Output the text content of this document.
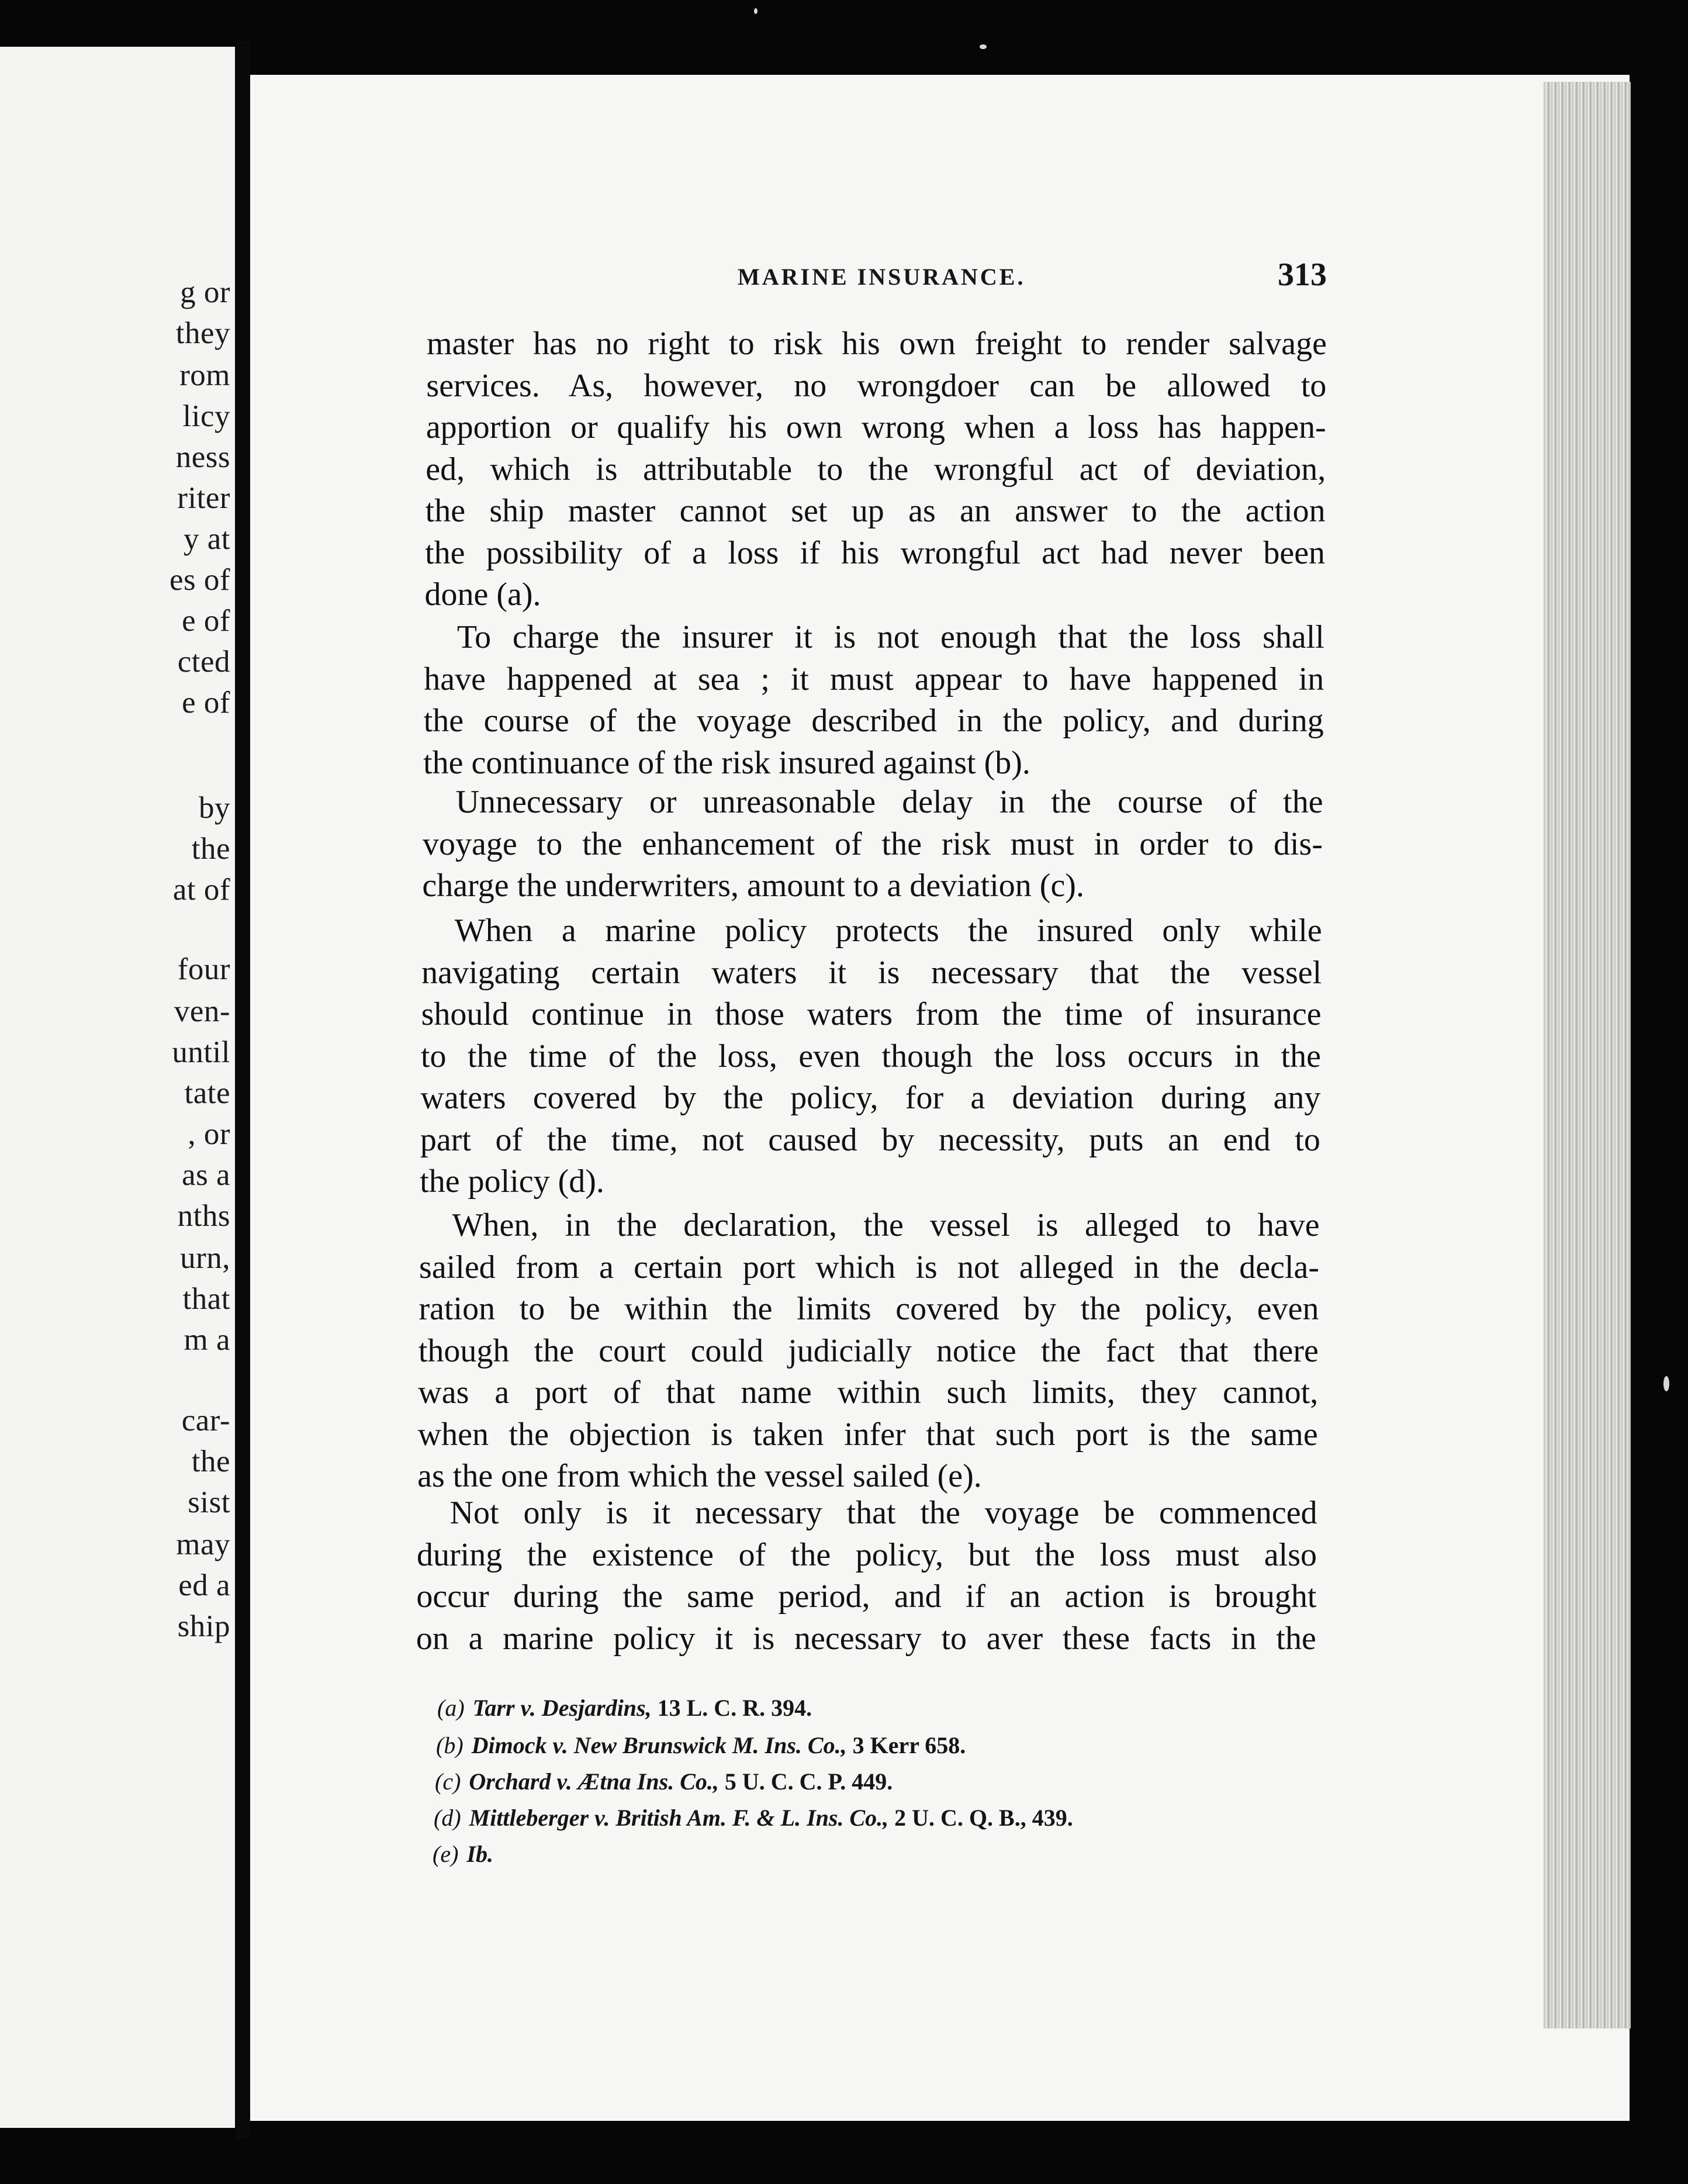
g or
they
rom
licy
ness
riter
y at
es of
e of
cted
e of
by
the
at of
four
ven-
until
tate
, or
as a
nths
urn,
that
m a
car-
the
sist
may
ed a
ship
MARINE INSURANCE.	313
master has no right to risk his own freight to render salvage
services. As, however, no wrongdoer can be allowed to
apportion or qualify his own wrong when a loss has happen-
ed, which is attributable to the wrongful act of deviation,
the ship master cannot set up as an answer to the action
the possibility of a loss if his wrongful act had never been
done (a).
To charge the insurer it is not enough that the loss shall
have happened at sea ; it must appear to have happened in
the course of the voyage described in the policy, and during
the continuance of the risk insured against (b).
Unnecessary or unreasonable delay in the course of the
voyage to the enhancement of the risk must in order to dis-
charge the underwriters, amount to a deviation (c).
When a marine policy protects the insured only while
navigating certain waters it is necessary that the vessel
should continue in those waters from the time of insurance
to the time of the loss, even though the loss occurs in the
waters covered by the policy, for a deviation during any
part of the time, not caused by necessity, puts an end to
the policy (d).
When, in the declaration, the vessel is alleged to have
sailed from a certain port which is not alleged in the decla-
ration to be within the limits covered by the policy, even
though the court could judicially notice the fact that there
was a port of that name within such limits, they cannot,
when the objection is taken infer that such port is the same
as the one from which the vessel sailed (e).
Not only is it necessary that the voyage be commenced
during the existence of the policy, but the loss must also
occur during the same period, and if an action is brought
on a marine policy it is necessary to aver these facts in the
(a) Tarr v. Desjardins, 13 L. C. R. 394.
(b) Dimock v. New Brunswick M. Ins. Co., 3 Kerr 658.
(c) Orchard v. Ætna Ins. Co., 5 U. C. C. P. 449.
(d) Mittleberger v. British Am. F. & L. Ins. Co., 2 U. C. Q. B., 439.
(e) Ib.
